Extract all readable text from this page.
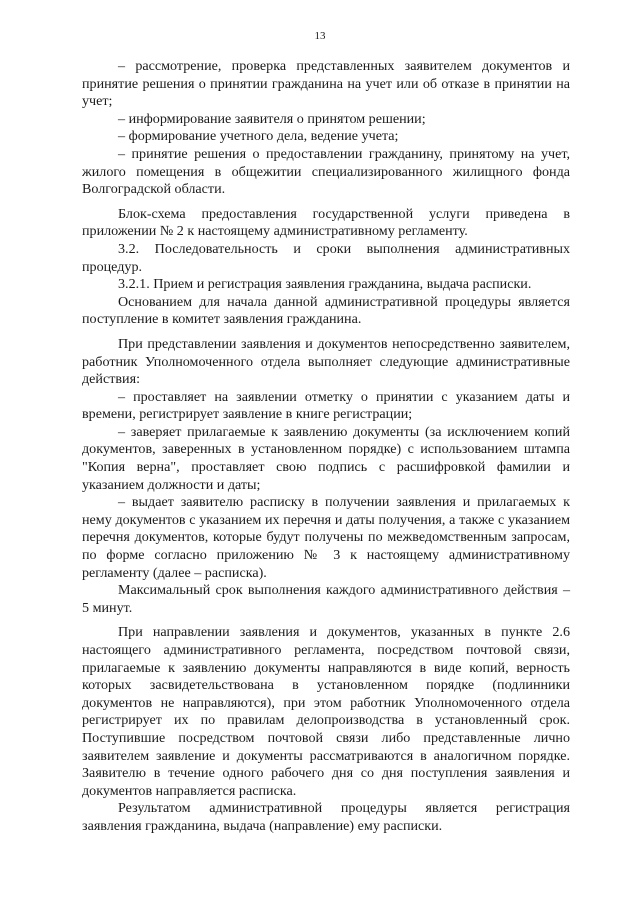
13

– рассмотрение, проверка представленных заявителем документов и принятие решения о принятии гражданина на учет или об отказе в принятии на учет;

– информирование заявителя о принятом решении;

– формирование учетного дела, ведение учета;

– принятие решения о предоставлении гражданину, принятому на учет, жилого помещения в общежитии специализированного жилищного фонда Волгоградской области.

Блок-схема предоставления государственной услуги приведена в приложении № 2 к настоящему административному регламенту.

3.2. Последовательность и сроки выполнения административных процедур.

3.2.1. Прием и регистрация заявления гражданина, выдача расписки.

Основанием для начала данной административной процедуры является поступление в комитет заявления гражданина.

При представлении заявления и документов непосредственно заявителем, работник Уполномоченного отдела выполняет следующие административные действия:

– проставляет на заявлении отметку о принятии с указанием даты и времени, регистрирует заявление в книге регистрации;

– заверяет прилагаемые к заявлению документы (за исключением копий документов, заверенных в установленном порядке) с использованием штампа "Копия верна", проставляет свою подпись с расшифровкой фамилии и указанием должности и даты;

– выдает заявителю расписку в получении заявления и прилагаемых к нему документов с указанием их перечня и даты получения, а также с указанием перечня документов, которые будут получены по межведомственным запросам, по форме согласно приложению № 3 к настоящему административному регламенту (далее – расписка).

Максимальный срок выполнения каждого административного действия – 5 минут.

При направлении заявления и документов, указанных в пункте 2.6 настоящего административного регламента, посредством почтовой связи, прилагаемые к заявлению документы направляются в виде копий, верность которых засвидетельствована в установленном порядке (подлинники документов не направляются), при этом работник Уполномоченного отдела регистрирует их по правилам делопроизводства в установленный срок. Поступившие посредством почтовой связи либо представленные лично заявителем заявление и документы рассматриваются в аналогичном порядке. Заявителю в течение одного рабочего дня со дня поступления заявления и документов направляется расписка.

Результатом административной процедуры является регистрация заявления гражданина, выдача (направление) ему расписки.
